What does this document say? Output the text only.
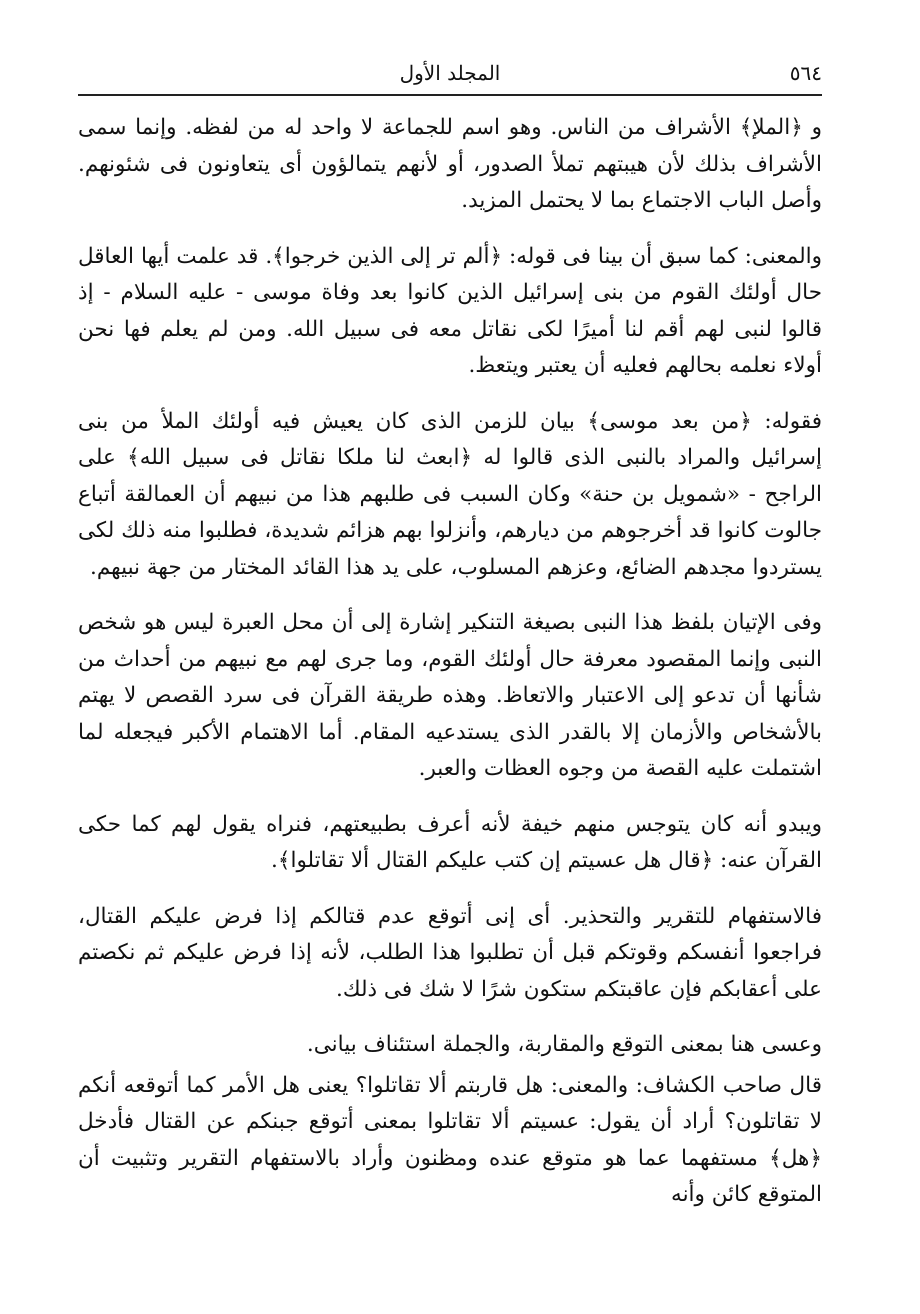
٥٦٤
المجلد الأول

و ﴿الملإ﴾ الأشراف من الناس. وهو اسم للجماعة لا واحد له من لفظه. وإنما سمى الأشراف بذلك لأن هيبتهم تملأ الصدور، أو لأنهم يتمالؤون أى يتعاونون فى شئونهم. وأصل الباب الاجتماع بما لا يحتمل المزيد.

والمعنى: كما سبق أن بينا فى قوله: ﴿ألم تر إلى الذين خرجوا﴾. قد علمت أيها العاقل حال أولئك القوم من بنى إسرائيل الذين كانوا بعد وفاة موسى - عليه السلام - إذ قالوا لنبى لهم أقم لنا أميرًا لكى نقاتل معه فى سبيل الله. ومن لم يعلم فها نحن أولاء نعلمه بحالهم فعليه أن يعتبر ويتعظ.

فقوله: ﴿من بعد موسى﴾ بيان للزمن الذى كان يعيش فيه أولئك الملأ من بنى إسرائيل والمراد بالنبى الذى قالوا له ﴿ابعث لنا ملكا نقاتل فى سبيل الله﴾ على الراجح - «شمويل بن حنة» وكان السبب فى طلبهم هذا من نبيهم أن العمالقة أتباع جالوت كانوا قد أخرجوهم من ديارهم، وأنزلوا بهم هزائم شديدة، فطلبوا منه ذلك لكى يستردوا مجدهم الضائع، وعزهم المسلوب، على يد هذا القائد المختار من جهة نبيهم.

وفى الإتيان بلفظ هذا النبى بصيغة التنكير إشارة إلى أن محل العبرة ليس هو شخص النبى وإنما المقصود معرفة حال أولئك القوم، وما جرى لهم مع نبيهم من أحداث من شأنها أن تدعو إلى الاعتبار والاتعاظ. وهذه طريقة القرآن فى سرد القصص لا يهتم بالأشخاص والأزمان إلا بالقدر الذى يستدعيه المقام. أما الاهتمام الأكبر فيجعله لما اشتملت عليه القصة من وجوه العظات والعبر.

ويبدو أنه كان يتوجس منهم خيفة لأنه أعرف بطبيعتهم، فنراه يقول لهم كما حكى القرآن عنه: ﴿قال هل عسيتم إن كتب عليكم القتال ألا تقاتلوا﴾.

فالاستفهام للتقرير والتحذير. أى إنى أتوقع عدم قتالكم إذا فرض عليكم القتال، فراجعوا أنفسكم وقوتكم قبل أن تطلبوا هذا الطلب، لأنه إذا فرض عليكم ثم نكصتم على أعقابكم فإن عاقبتكم ستكون شرًا لا شك فى ذلك.

وعسى هنا بمعنى التوقع والمقاربة، والجملة استئناف بيانى.

قال صاحب الكشاف: والمعنى: هل قاربتم ألا تقاتلوا؟ يعنى هل الأمر كما أتوقعه أنكم لا تقاتلون؟ أراد أن يقول: عسيتم ألا تقاتلوا بمعنى أتوقع جبنكم عن القتال فأدخل ﴿هل﴾ مستفهما عما هو متوقع عنده ومظنون وأراد بالاستفهام التقرير وتثبيت أن المتوقع كائن وأنه
